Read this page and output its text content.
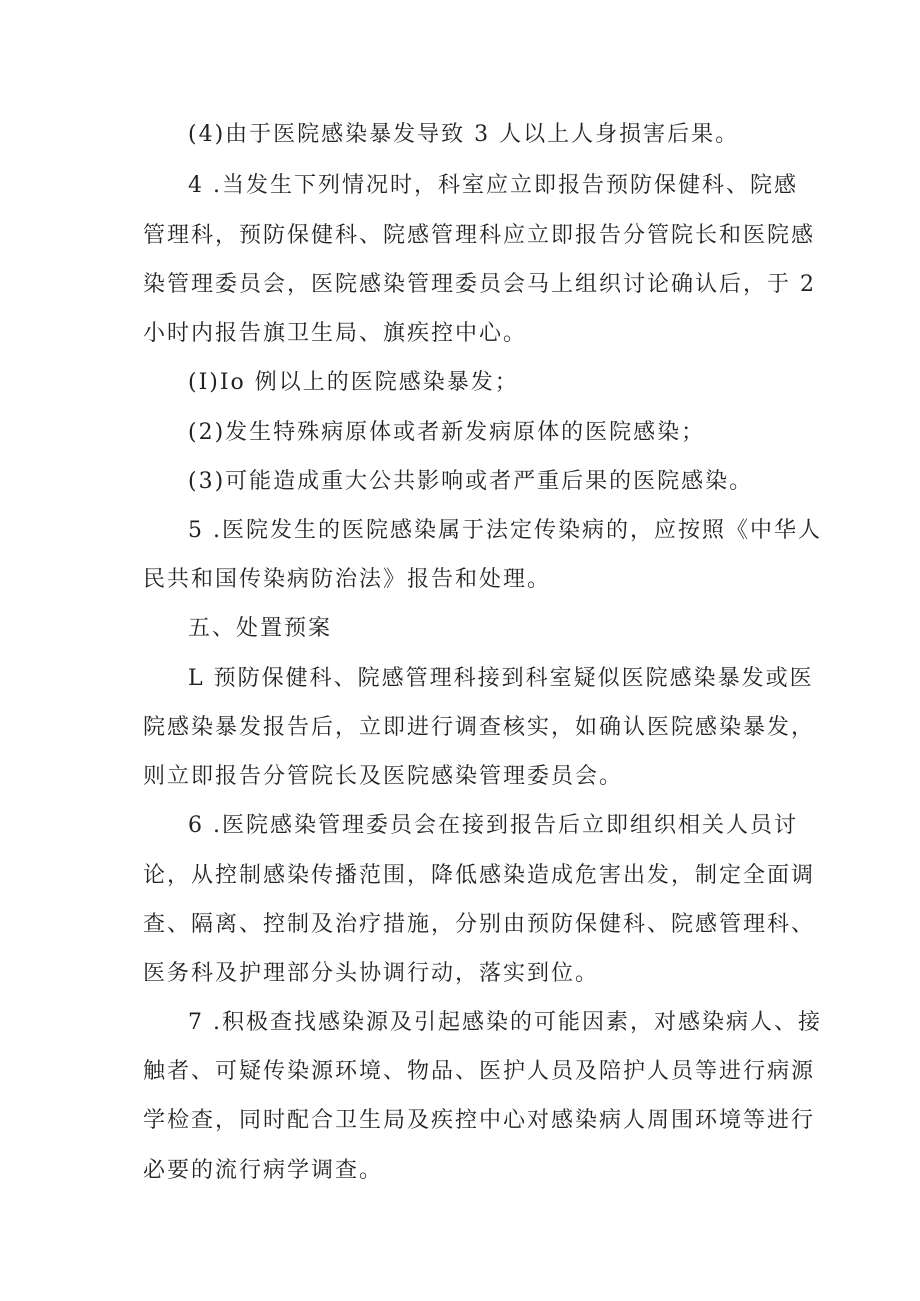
(4)由于医院感染暴发导致 3 人以上人身损害后果。
4 .当发生下列情况时，科室应立即报告预防保健科、院感
管理科，预防保健科、院感管理科应立即报告分管院长和医院感
染管理委员会，医院感染管理委员会马上组织讨论确认后，于 2
小时内报告旗卫生局、旗疾控中心。
(I)Io 例以上的医院感染暴发；
(2)发生特殊病原体或者新发病原体的医院感染；
(3)可能造成重大公共影响或者严重后果的医院感染。
5 .医院发生的医院感染属于法定传染病的，应按照《中华人
民共和国传染病防治法》报告和处理。
五、处置预案
L 预防保健科、院感管理科接到科室疑似医院感染暴发或医
院感染暴发报告后，立即进行调查核实，如确认医院感染暴发，
则立即报告分管院长及医院感染管理委员会。
6 .医院感染管理委员会在接到报告后立即组织相关人员讨
论，从控制感染传播范围，降低感染造成危害出发，制定全面调
查、隔离、控制及治疗措施，分别由预防保健科、院感管理科、
医务科及护理部分头协调行动，落实到位。
7 .积极查找感染源及引起感染的可能因素，对感染病人、接
触者、可疑传染源环境、物品、医护人员及陪护人员等进行病源
学检查，同时配合卫生局及疾控中心对感染病人周围环境等进行
必要的流行病学调查。
